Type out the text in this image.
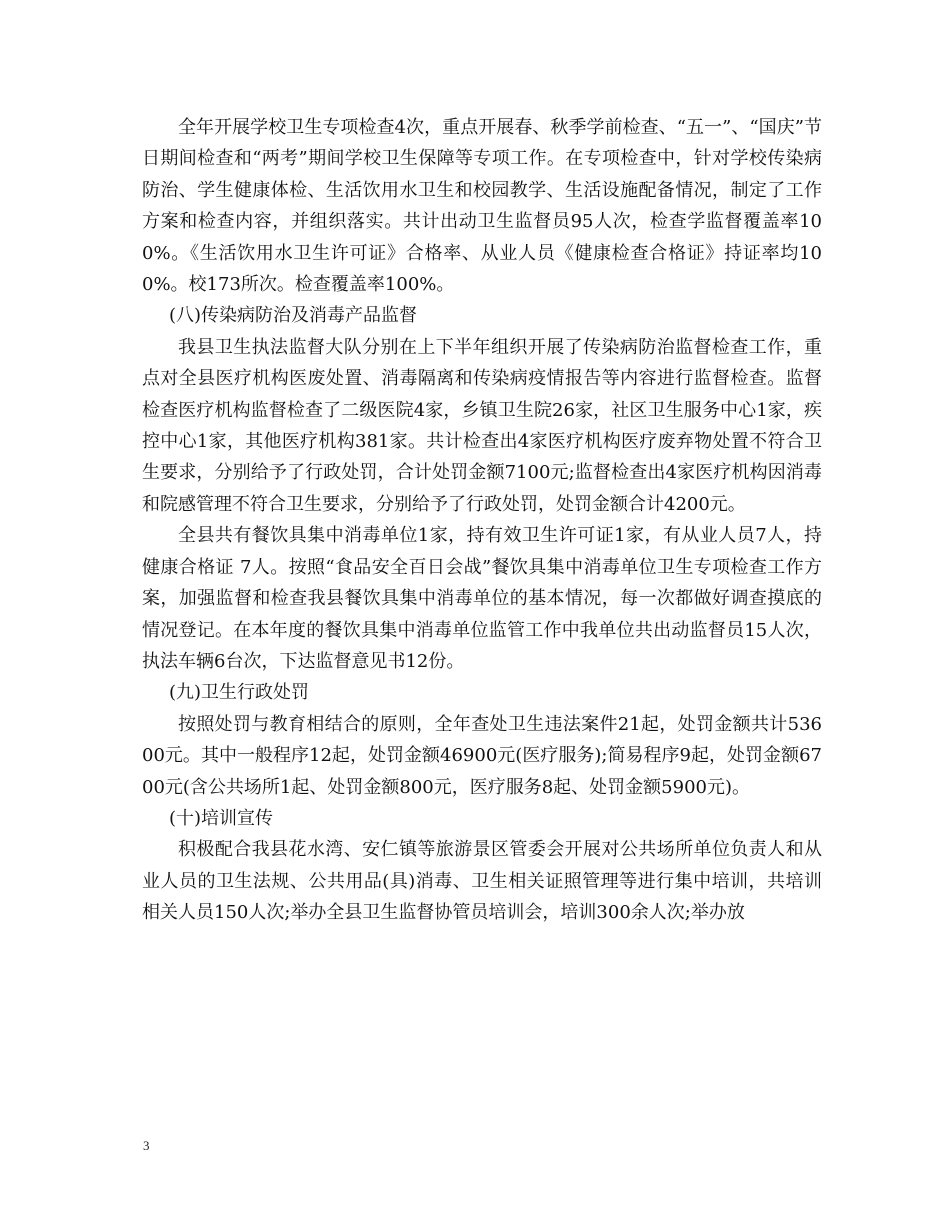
全年开展学校卫生专项检查4次，重点开展春、秋季学前检查、“五一”、“国庆”节日期间检查和“两考”期间学校卫生保障等专项工作。在专项检查中，针对学校传染病防治、学生健康体检、生活饮用水卫生和校园教学、生活设施配备情况，制定了工作方案和检查内容，并组织落实。共计出动卫生监督员95人次，检查学监督覆盖率100%。《生活饮用水卫生许可证》合格率、从业人员《健康检查合格证》持证率均100%。校173所次。检查覆盖率100%。

(八)传染病防治及消毒产品监督

我县卫生执法监督大队分别在上下半年组织开展了传染病防治监督检查工作，重点对全县医疗机构医废处置、消毒隔离和传染病疫情报告等内容进行监督检查。监督检查医疗机构监督检查了二级医院4家，乡镇卫生院26家，社区卫生服务中心1家，疾控中心1家，其他医疗机构381家。共计检查出4家医疗机构医疗废弃物处置不符合卫生要求，分别给予了行政处罚，合计处罚金额7100元;监督检查出4家医疗机构因消毒和院感管理不符合卫生要求，分别给予了行政处罚，处罚金额合计4200元。

全县共有餐饮具集中消毒单位1家，持有效卫生许可证1家，有从业人员7人，持健康合格证 7人。按照“食品安全百日会战”餐饮具集中消毒单位卫生专项检查工作方案，加强监督和检查我县餐饮具集中消毒单位的基本情况，每一次都做好调查摸底的情况登记。在本年度的餐饮具集中消毒单位监管工作中我单位共出动监督员15人次，执法车辆6台次，下达监督意见书12份。

(九)卫生行政处罚

按照处罚与教育相结合的原则，全年查处卫生违法案件21起，处罚金额共计53600元。其中一般程序12起，处罚金额46900元(医疗服务);简易程序9起，处罚金额6700元(含公共场所1起、处罚金额800元，医疗服务8起、处罚金额5900元)。

(十)培训宣传

积极配合我县花水湾、安仁镇等旅游景区管委会开展对公共场所单位负责人和从业人员的卫生法规、公共用品(具)消毒、卫生相关证照管理等进行集中培训，共培训相关人员150人次;举办全县卫生监督协管员培训会，培训300余人次;举办放

3
